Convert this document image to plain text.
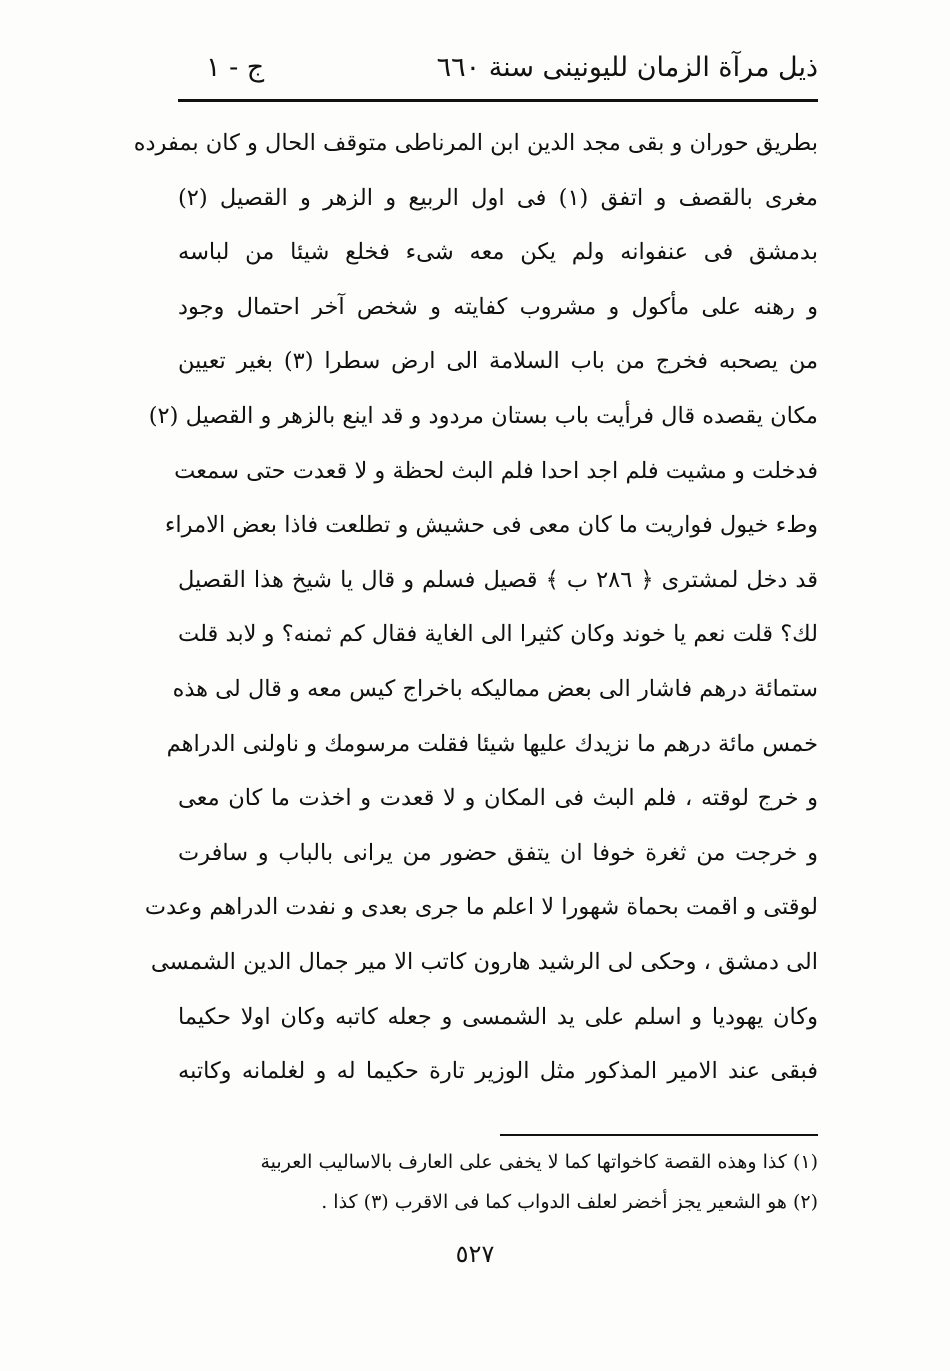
ذيل مرآة الزمان لليونينى سنة ٦٦٠
ج - ١
بطريق حوران و بقى مجد الدين ابن المرناطى متوقف الحال و كان بمفرده
مغرى بالقصف و اتفق (١) فى اول الربيع و الزهر و القصيل (٢)
بدمشق فى عنفوانه ولم يكن معه شىء فخلع شيئا من لباسه
و رهنه على مأكول و مشروب كفايته و شخص آخر احتمال وجود
من يصحبه فخرج من باب السلامة الى ارض سطرا (٣) بغير تعيين
مكان يقصده قال فرأيت باب بستان مردود و قد اينع بالزهر و القصيل (٢)
فدخلت و مشيت فلم اجد احدا فلم البث لحظة و لا قعدت حتى سمعت
وطء خيول فواريت ما كان معى فى حشيش و تطلعت فاذا بعض الامراء
قد دخل لمشترى ﴿ ٢٨٦ ب ﴾ قصيل فسلم و قال يا شيخ هذا القصيل
لك؟ قلت نعم يا خوند وكان كثيرا الى الغاية فقال كم ثمنه؟ و لابد قلت
ستمائة درهم فاشار الى بعض مماليكه باخراج كيس معه و قال لى هذه
خمس مائة درهم ما نزيدك عليها شيئا فقلت مرسومك و ناولنى الدراهم
و خرج لوقته ، فلم البث فى المكان و لا قعدت و اخذت ما كان معى
و خرجت من ثغرة خوفا ان يتفق حضور من يرانى بالباب و سافرت
لوقتى و اقمت بحماة شهورا لا اعلم ما جرى بعدى و نفدت الدراهم وعدت
الى دمشق ، وحكى لى الرشيد هارون كاتب الا مير جمال الدين الشمسى
وكان يهوديا و اسلم على يد الشمسى و جعله كاتبه وكان اولا حكيما
فبقى عند الامير المذكور مثل الوزير تارة حكيما له و لغلمانه وكاتبه
(١) كذا وهذه القصة كاخواتها كما لا يخفى على العارف بالاساليب العربية
(٢) هو الشعير يجز أخضر لعلف الدواب كما فى الاقرب (٣) كذا .
٥٢٧
